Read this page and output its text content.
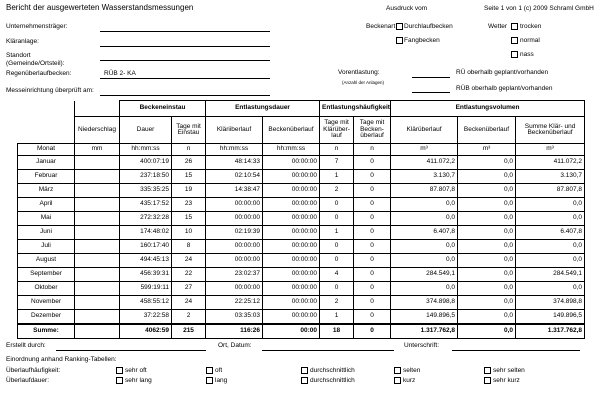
Bericht der ausgewerteten Wasserstandsmessungen	Ausdruck vom	Seite 1 von 1 (c) 2009 Schraml GmbH
Unternehmensträger:
Kläranlage:
Standort
(Gemeinde/Ortsteil):
Regenüberlaufbecken:	RÜB 2- KA
Messeinrichtung überprüft am:
Vorentlastung:	RÜ oberhalb geplant/vorhanden
(Anzahl der Anlagen)
RÜB oberhalb geplant/vorhanden
Beckenart Durchlaufbecken
Fangbecken
Wetter trocken
normal
nass
		Beckeneinstau		Entlastungsdauer		Entlastungshäufigkeit		Entlastungsvolumen		
	Niederschlag	Dauer	Tage mit Einstau	Kläriiberlauf	Beckenüberlauf	Tage mit Klärüber-lauf	Tage mit Becken-überlauf	Klärüberlauf	Beckenüberlauf	Summe Klär- und Beckenüberlauf
Monat	mm	hh:mm:ss	n	hh:mm:ss	hh:mm:ss	n	n	m³	m³	m³
Januar		400:07:19	26	48:14:33	00:00:00	7	0	411.072,2	0,0	411.072,2
Februar		237:18:50	15	02:10:54	00:00:00	1	0	3.130,7	0,0	3.130,7
März		335:35:25	19	14:38:47	00:00:00	2	0	87.807,8	0,0	87.807,8
April		435:17:52	23	00:00:00	00:00:00	0	0	0,0	0,0	0,0
Mai		272:32:28	15	00:00:00	00:00:00	0	0	0,0	0,0	0,0
Juni		174:48:02	10	02:19:39	00:00:00	1	0	6.407,8	0,0	6.407,8
Juli		160:17:40	8	00:00:00	00:00:00	0	0	0,0	0,0	0,0
August		494:45:13	24	00:00:00	00:00:00	0	0	0,0	0,0	0,0
September		456:39:31	22	23:02:37	00:00:00	4	0	284.549,1	0,0	284.549,1
Oktober		599:19:11	27	00:00:00	00:00:00	0	0	0,0	0,0	0,0
November		458:55:12	24	22:25:12	00:00:00	2	0	374.898,8	0,0	374.898,8
Dezember		37:22:58	2	03:35:03	00:00:00	1	0	149.896,5	0,0	149.896,5
Summe:		4062:59	215	116:26	00:00	18	0	1.317.762,8	0,0	1.317.762,8
Erstellt durch:	Ort, Datum:	Unterschrift:
Einordnung anhand Ranking-Tabellen:
Überlaufhäufigkeit:
Überlaufdauer:
sehr oft	oft	durchschnittlich	selten	sehr selten
sehr lang	lang	durchschnittlich	kurz	sehr kurz
